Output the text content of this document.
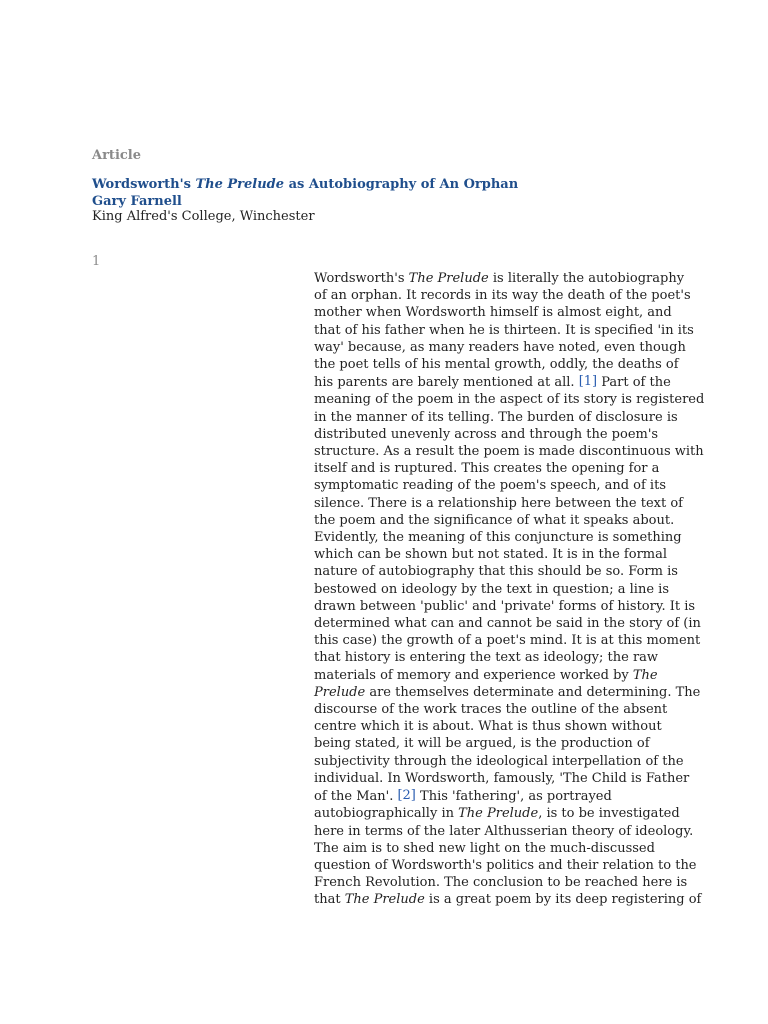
Article
Wordsworth's The Prelude as Autobiography of An Orphan
Gary Farnell
King Alfred's College, Winchester
1
Wordsworth's The Prelude is literally the autobiography
of an orphan. It records in its way the death of the poet's
mother when Wordsworth himself is almost eight, and
that of his father when he is thirteen. It is specified 'in its
way' because, as many readers have noted, even though
the poet tells of his mental growth, oddly, the deaths of
his parents are barely mentioned at all. [1] Part of the
meaning of the poem in the aspect of its story is registered
in the manner of its telling. The burden of disclosure is
distributed unevenly across and through the poem's
structure. As a result the poem is made discontinuous with
itself and is ruptured. This creates the opening for a
symptomatic reading of the poem's speech, and of its
silence. There is a relationship here between the text of
the poem and the significance of what it speaks about.
Evidently, the meaning of this conjuncture is something
which can be shown but not stated. It is in the formal
nature of autobiography that this should be so. Form is
bestowed on ideology by the text in question; a line is
drawn between 'public' and 'private' forms of history. It is
determined what can and cannot be said in the story of (in
this case) the growth of a poet's mind. It is at this moment
that history is entering the text as ideology; the raw
materials of memory and experience worked by The
Prelude are themselves determinate and determining. The
discourse of the work traces the outline of the absent
centre which it is about. What is thus shown without
being stated, it will be argued, is the production of
subjectivity through the ideological interpellation of the
individual. In Wordsworth, famously, 'The Child is Father
of the Man'. [2] This 'fathering', as portrayed
autobiographically in The Prelude, is to be investigated
here in terms of the later Althusserian theory of ideology.
The aim is to shed new light on the much-discussed
question of Wordsworth's politics and their relation to the
French Revolution. The conclusion to be reached here is
that The Prelude is a great poem by its deep registering of
